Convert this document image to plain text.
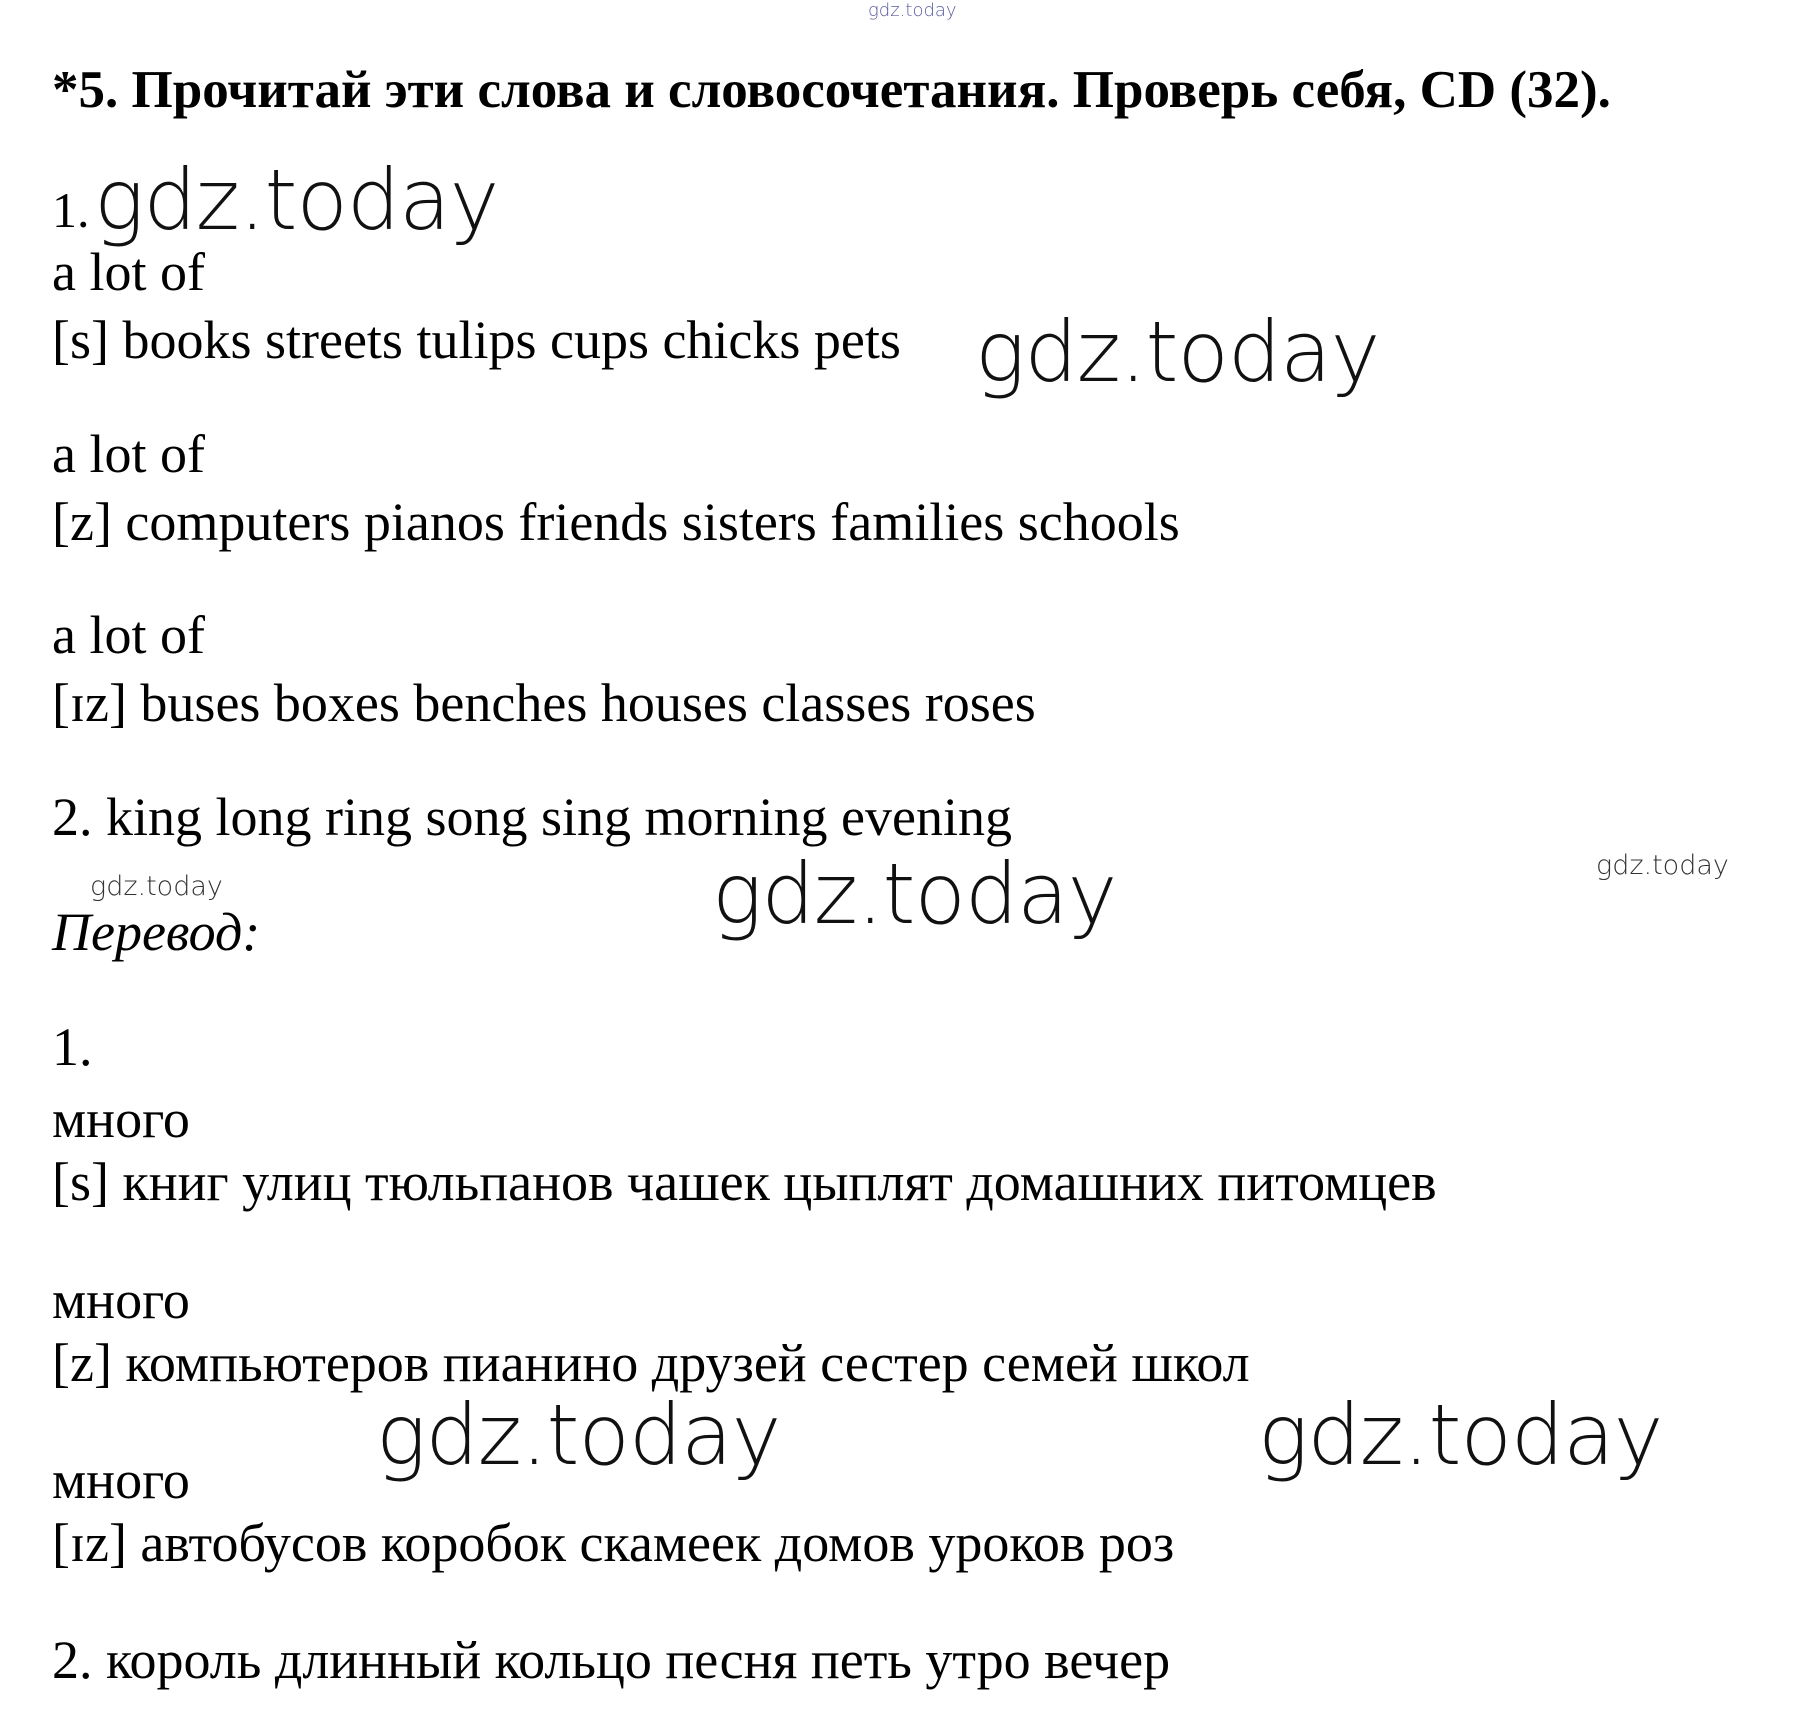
gdz.today
*5. Прочитай эти слова и словосочетания. Проверь себя, CD (32).
1. gdz.today
a lot of
[s] books streets tulips cups chicks pets gdz.today
a lot of
[z] computers pianos friends sisters families schools
a lot of
[ɪz] buses boxes benches houses classes roses
2. king long ring song sing morning evening
gdz.today	gdz.today	gdz.today
Перевод:
1.
много
[s] книг улиц тюльпанов чашек цыплят домашних питомцев
много
[z] компьютеров пианино друзей сестер семей школ
gdz.today	gdz.today
много
[ɪz] автобусов коробок скамеек домов уроков роз
2. король длинный кольцо песня петь утро вечер
